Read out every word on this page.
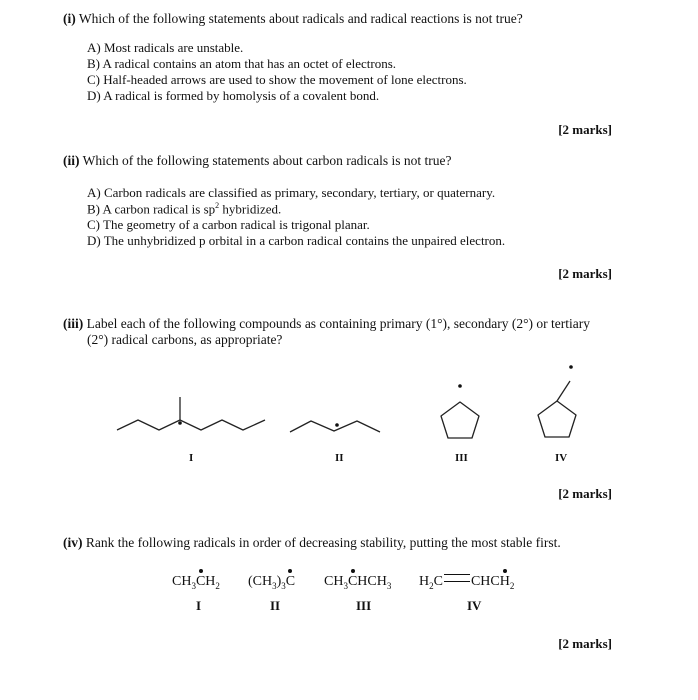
(i) Which of the following statements about radicals and radical reactions is not true?
A) Most radicals are unstable.
B) A radical contains an atom that has an octet of electrons.
C) Half-headed arrows are used to show the movement of lone electrons.
D) A radical is formed by homolysis of a covalent bond.
[2 marks]
(ii) Which of the following statements about carbon radicals is not true?
A) Carbon radicals are classified as primary, secondary, tertiary, or quaternary.
B) A carbon radical is $sp^2$ hybridized.
C) The geometry of a carbon radical is trigonal planar.
D) The unhybridized p orbital in a carbon radical contains the unpaired electron.
[2 marks]
(iii) Label each of the following compounds as containing primary (1°), secondary (2°) or tertiary
(2°) radical carbons, as appropriate?
I	II	III	IV
[2 marks]
(iv) Rank the following radicals in order of decreasing stability, putting the most stable first.
$CH_3CH_2$ $(CH_3)_3C$ $CH_3CHCH_3$ $H_2C$ $CHCH_2$
I	II	III	IV
[2 marks]
